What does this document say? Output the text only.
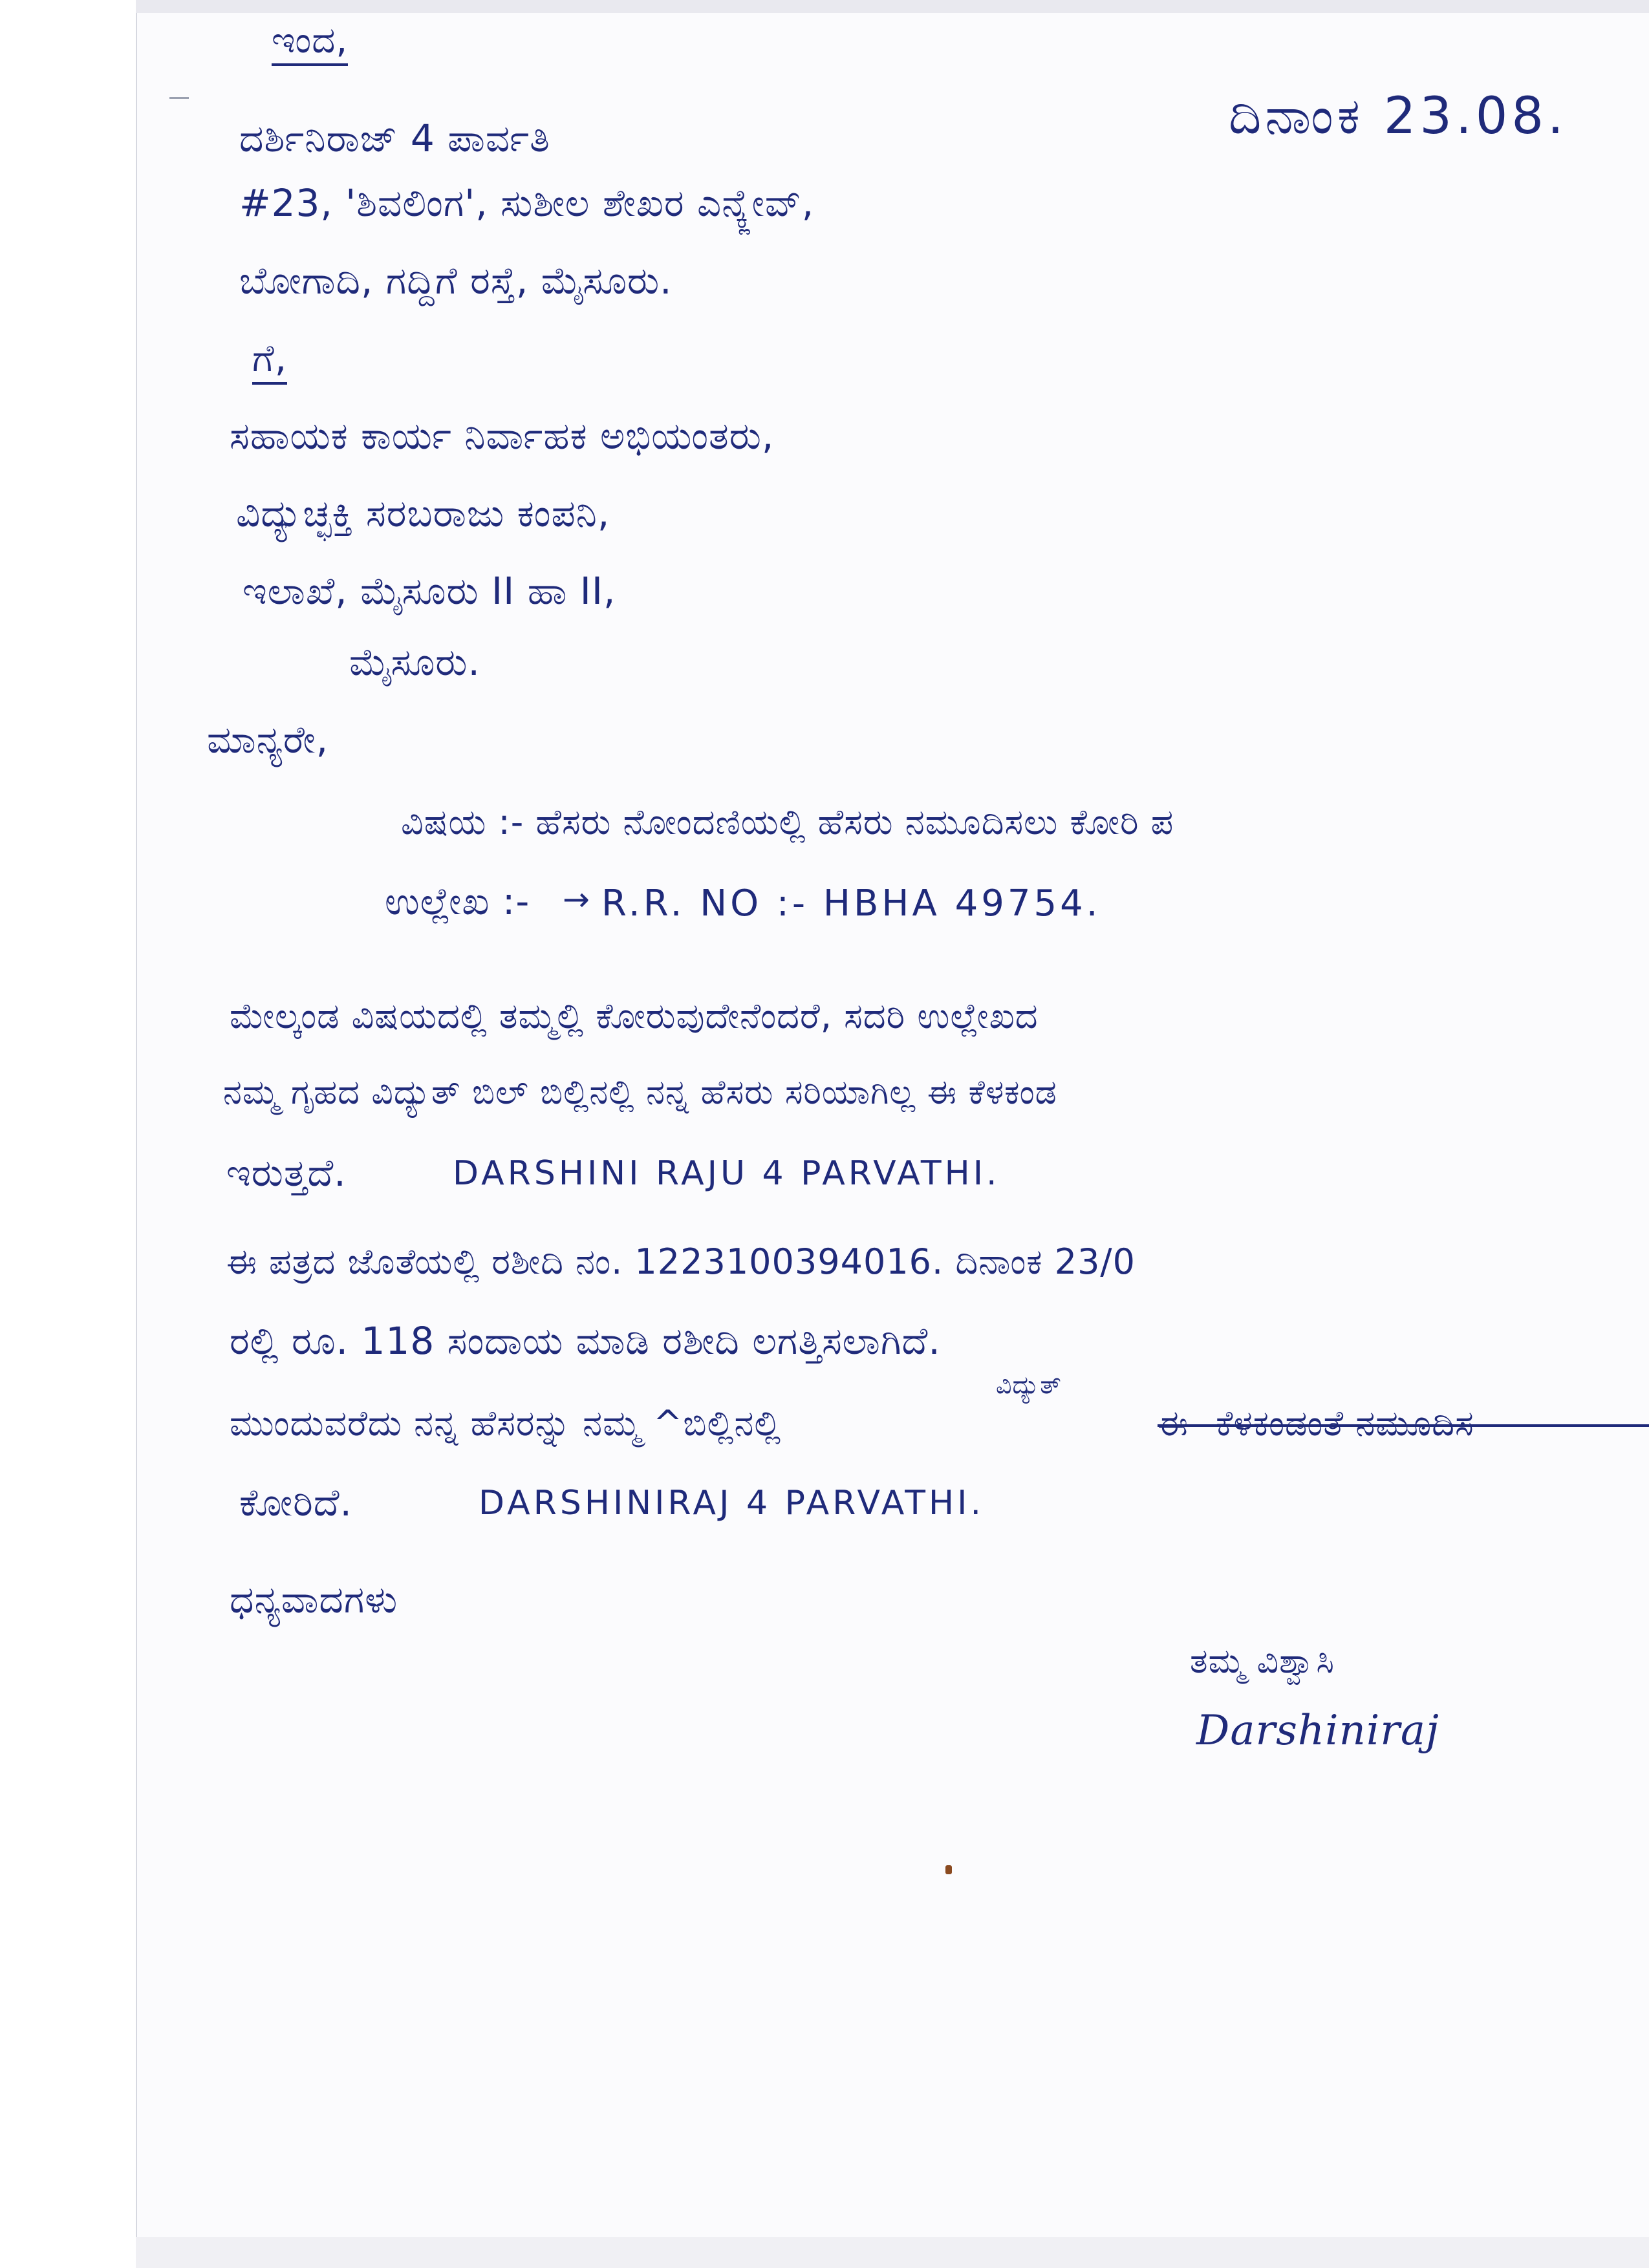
ಇಂದ,
ದಿನಾಂಕ 23.08.
ದರ್ಶಿನಿರಾಜ್ 4 ಪಾರ್ವತಿ
#23, 'ಶಿವಲಿಂಗ', ಸುಶೀಲ ಶೇಖರ ಎನ್ಕ್ಲೇವ್,
ಬೋಗಾದಿ, ಗದ್ದಿಗೆ ರಸ್ತೆ, ಮೈಸೂರು.
ಗೆ,
ಸಹಾಯಕ ಕಾರ್ಯ ನಿರ್ವಾಹಕ ಅಭಿಯಂತರು,
ವಿದ್ಯುಚ್ಛಕ್ತಿ ಸರಬರಾಜು ಕಂಪನಿ,
ಇಲಾಖೆ, ಮೈಸೂರು II ಹಾ II,
ಮೈಸೂರು.
ಮಾನ್ಯರೇ,
ವಿಷಯ :- ಹೆಸರು ನೋಂದಣಿಯಲ್ಲಿ ಹೆಸರು ನಮೂದಿಸಲು ಕೋರಿ ಪ
ಉಲ್ಲೇಖ :- → R.R. NO :- HBHA 49754.
ಮೇಲ್ಕಂಡ ವಿಷಯದಲ್ಲಿ ತಮ್ಮಲ್ಲಿ ಕೋರುವುದೇನೆಂದರೆ, ಸದರಿ ಉಲ್ಲೇಖದ
ನಮ್ಮ ಗೃಹದ ವಿದ್ಯುತ್ ಬಿಲ್ ಬಿಲ್ಲಿನಲ್ಲಿ ನನ್ನ ಹೆಸರು ಸರಿಯಾಗಿಲ್ಲ ಈ ಕೆಳಕಂಡ
ಇರುತ್ತದೆ.	DARSHINI RAJU 4 PARVATHI.
ಈ ಪತ್ರದ ಜೊತೆಯಲ್ಲಿ ರಶೀದಿ ನಂ. 1223100394016. ದಿನಾಂಕ 23/0
ರಲ್ಲಿ ರೂ. 118 ಸಂದಾಯ ಮಾಡಿ ರಶೀದಿ ಲಗತ್ತಿಸಲಾಗಿದೆ.
ವಿದ್ಯುತ್
ಮುಂದುವರೆದು ನನ್ನ ಹೆಸರನ್ನು ನಮ್ಮ ^ಬಿಲ್ಲಿನಲ್ಲಿ	ಈ ಕೆಳಕಂಡಂತೆ ನಮೂದಿಸ
ಕೋರಿದೆ.	DARSHINIRAJ 4 PARVATHI.
ಧನ್ಯವಾದಗಳು
ತಮ್ಮ ವಿಶ್ವಾಸಿ
Darshiniraj
